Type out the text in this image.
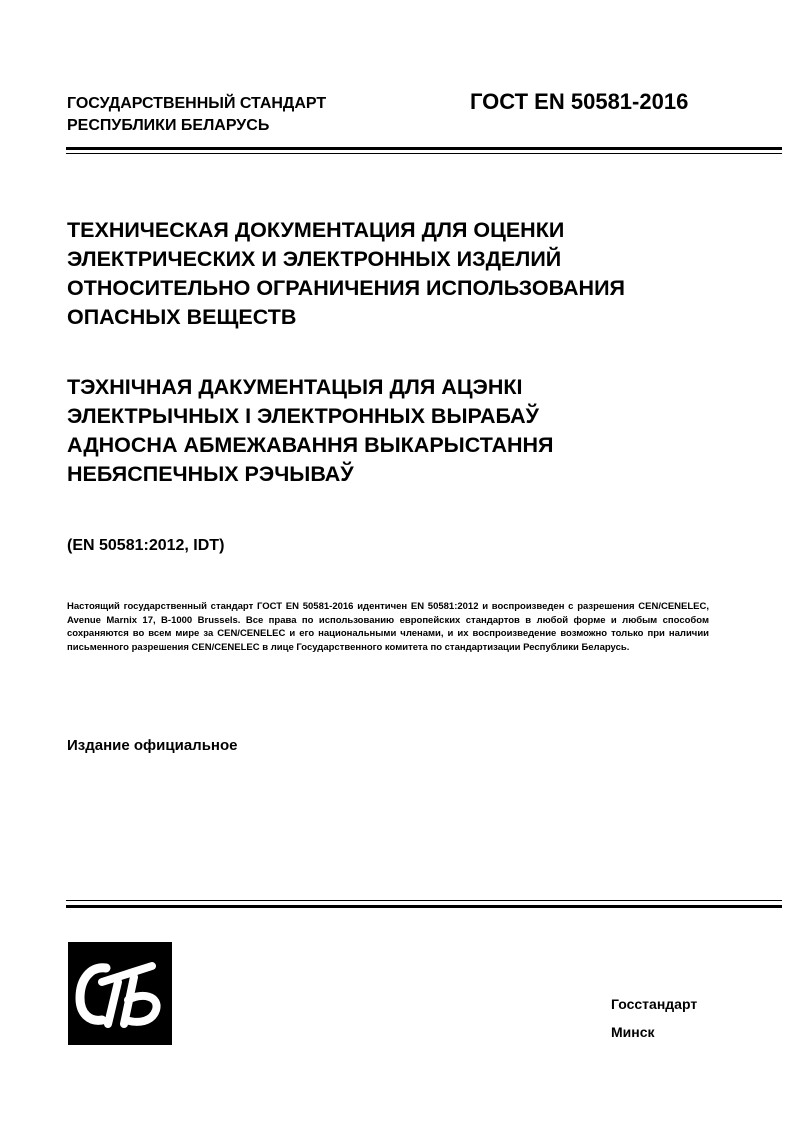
ГОСУДАРСТВЕННЫЙ СТАНДАРТ
РЕСПУБЛИКИ БЕЛАРУСЬ
ГОСТ EN 50581-2016
ТЕХНИЧЕСКАЯ ДОКУМЕНТАЦИЯ ДЛЯ ОЦЕНКИ
ЭЛЕКТРИЧЕСКИХ И ЭЛЕКТРОННЫХ ИЗДЕЛИЙ
ОТНОСИТЕЛЬНО ОГРАНИЧЕНИЯ ИСПОЛЬЗОВАНИЯ
ОПАСНЫХ ВЕЩЕСТВ
ТЭХНІЧНАЯ ДАКУМЕНТАЦЫЯ ДЛЯ АЦЭНКІ
ЭЛЕКТРЫЧНЫХ І ЭЛЕКТРОННЫХ ВЫРАБАЎ
АДНОСНА АБМЕЖАВАННЯ ВЫКАРЫСТАННЯ
НЕБЯСПЕЧНЫХ РЭЧЫВАЎ
(EN 50581:2012, IDT)
Настоящий государственный стандарт ГОСТ EN 50581-2016 идентичен EN 50581:2012 и воспроизведен с разрешения CEN/CENELEC, Avenue Marnix 17, B-1000 Brussels. Все права по использованию европейских стандартов в любой форме и любым способом сохраняются во всем мире за CEN/CENELEC и его национальными членами, и их воспроизведение возможно только при наличии письменного разрешения CEN/CENELEC в лице Государственного комитета по стандартизации Республики Беларусь.
Издание официальное
Госстандарт
Минск
